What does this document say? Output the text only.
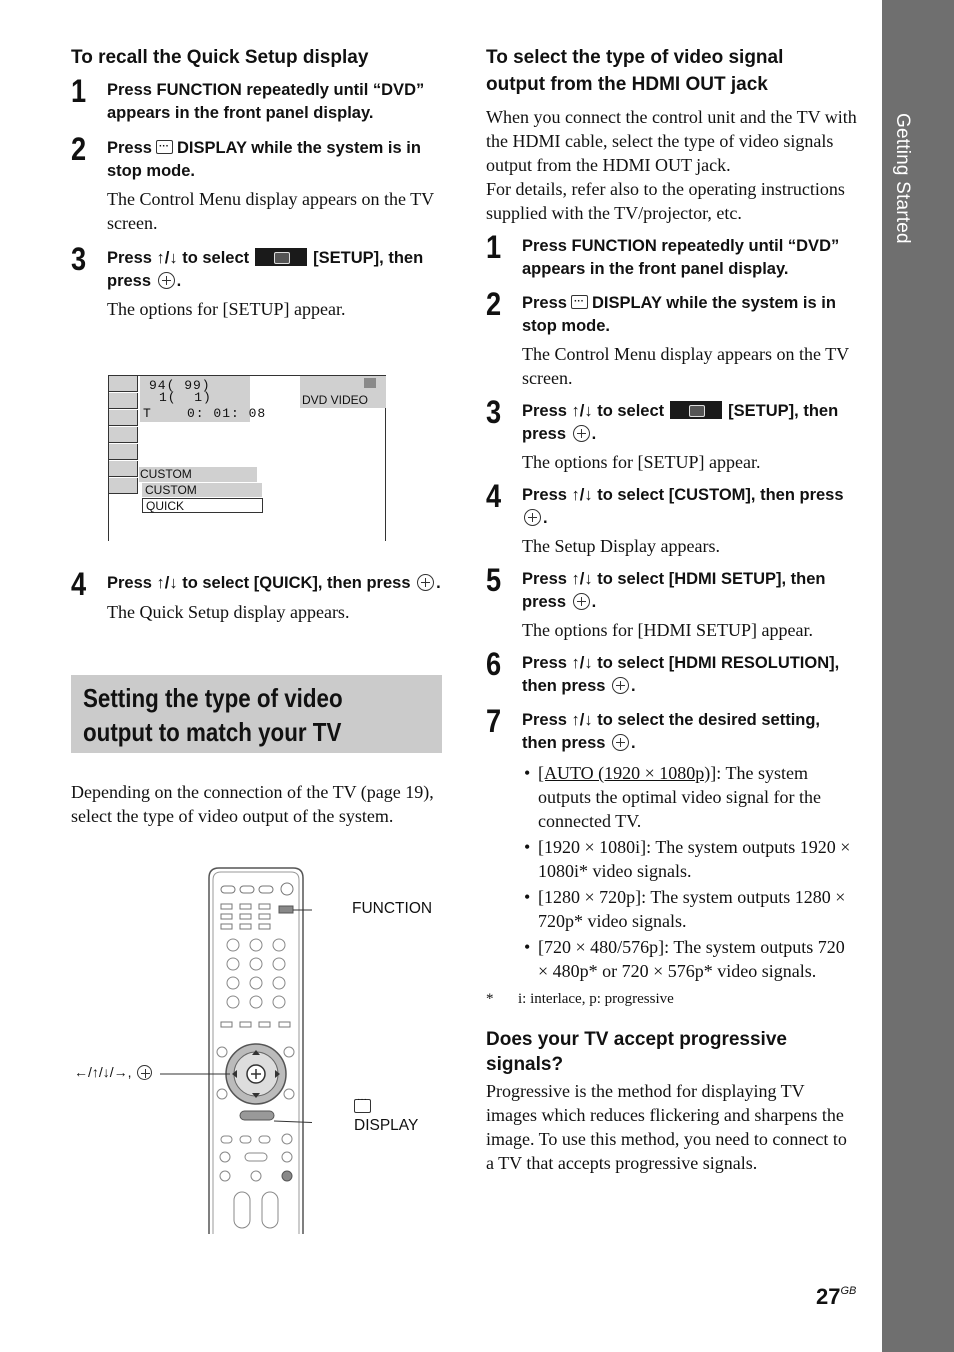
Getting Started
To recall the Quick Setup display
1 Press FUNCTION repeatedly until “DVD” appears in the front panel display.
2 Press ··· DISPLAY while the system is in stop mode.
The Control Menu display appears on the TV screen.
3 Press ↑/↓ to select	[SETUP], then press .
The options for [SETUP] appear.
94( 99)
1(  1)
T    0: 01: 08
DVD VIDEO
CUSTOM
CUSTOM
QUICK
4 Press ↑/↓ to select [QUICK], then press .
The Quick Setup display appears.
Setting the type of video
output to match your TV
Depending on the connection of the TV (page 19), select the type of video output of the system.
FUNCTION
←/↑/↓/→,
···
DISPLAY
To select the type of video signal
output from the HDMI OUT jack
When you connect the control unit and the TV with the HDMI cable, select the type of video signals output from the HDMI OUT jack.
For details, refer also to the operating instructions supplied with the TV/projector, etc.
1 Press FUNCTION repeatedly until “DVD” appears in the front panel display.
2 Press ··· DISPLAY while the system is in stop mode.
The Control Menu display appears on the TV screen.
3 Press ↑/↓ to select	[SETUP], then press .
The options for [SETUP] appear.
4 Press ↑/↓ to select [CUSTOM], then press .
The Setup Display appears.
5 Press ↑/↓ to select [HDMI SETUP], then press .
The options for [HDMI SETUP] appear.
6 Press ↑/↓ to select [HDMI RESOLUTION], then press .
7 Press ↑/↓ to select the desired setting, then press .
• [AUTO (1920 × 1080p)]: The system outputs the optimal video signal for the connected TV.
• [1920 × 1080i]: The system outputs 1920 × 1080i* video signals.
• [1280 × 720p]: The system outputs 1280 × 720p* video signals.
• [720 × 480/576p]: The system outputs 720 × 480p* or 720 × 576p* video signals.
* i: interlace, p: progressive
Does your TV accept progressive signals?
Progressive is the method for displaying TV images which reduces flickering and sharpens the image. To use this method, you need to connect to a TV that accepts progressive signals.
$27^{GB}$
